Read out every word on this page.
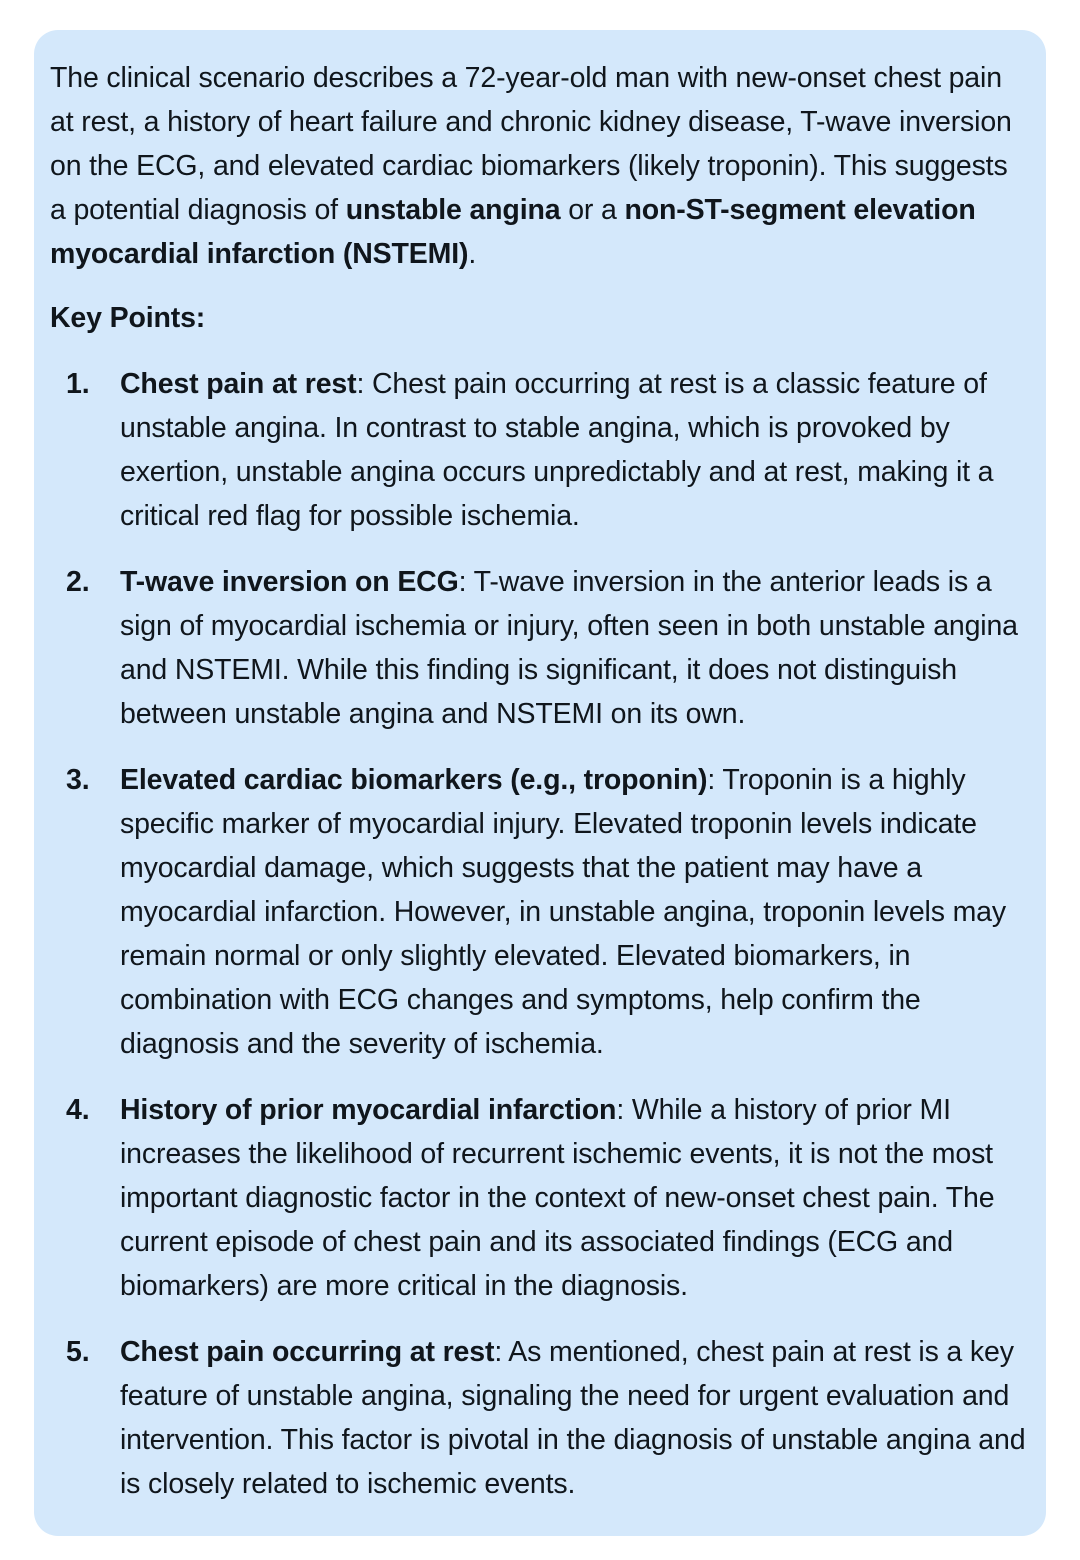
The clinical scenario describes a 72-year-old man with new-onset chest pain at rest, a history of heart failure and chronic kidney disease, T-wave inversion on the ECG, and elevated cardiac biomarkers (likely troponin). This suggests a potential diagnosis of unstable angina or a non-ST-segment elevation myocardial infarction (NSTEMI).

Key Points:
Chest pain at rest: Chest pain occurring at rest is a classic feature of unstable angina. In contrast to stable angina, which is provoked by exertion, unstable angina occurs unpredictably and at rest, making it a critical red flag for possible ischemia.
T-wave inversion on ECG: T-wave inversion in the anterior leads is a sign of myocardial ischemia or injury, often seen in both unstable angina and NSTEMI. While this finding is significant, it does not distinguish between unstable angina and NSTEMI on its own.
Elevated cardiac biomarkers (e.g., troponin): Troponin is a highly specific marker of myocardial injury. Elevated troponin levels indicate myocardial damage, which suggests that the patient may have a myocardial infarction. However, in unstable angina, troponin levels may remain normal or only slightly elevated. Elevated biomarkers, in combination with ECG changes and symptoms, help confirm the diagnosis and the severity of ischemia.
History of prior myocardial infarction: While a history of prior MI increases the likelihood of recurrent ischemic events, it is not the most important diagnostic factor in the context of new-onset chest pain. The current episode of chest pain and its associated findings (ECG and biomarkers) are more critical in the diagnosis.
Chest pain occurring at rest: As mentioned, chest pain at rest is a key feature of unstable angina, signaling the need for urgent evaluation and intervention. This factor is pivotal in the diagnosis of unstable angina and is closely related to ischemic events.
